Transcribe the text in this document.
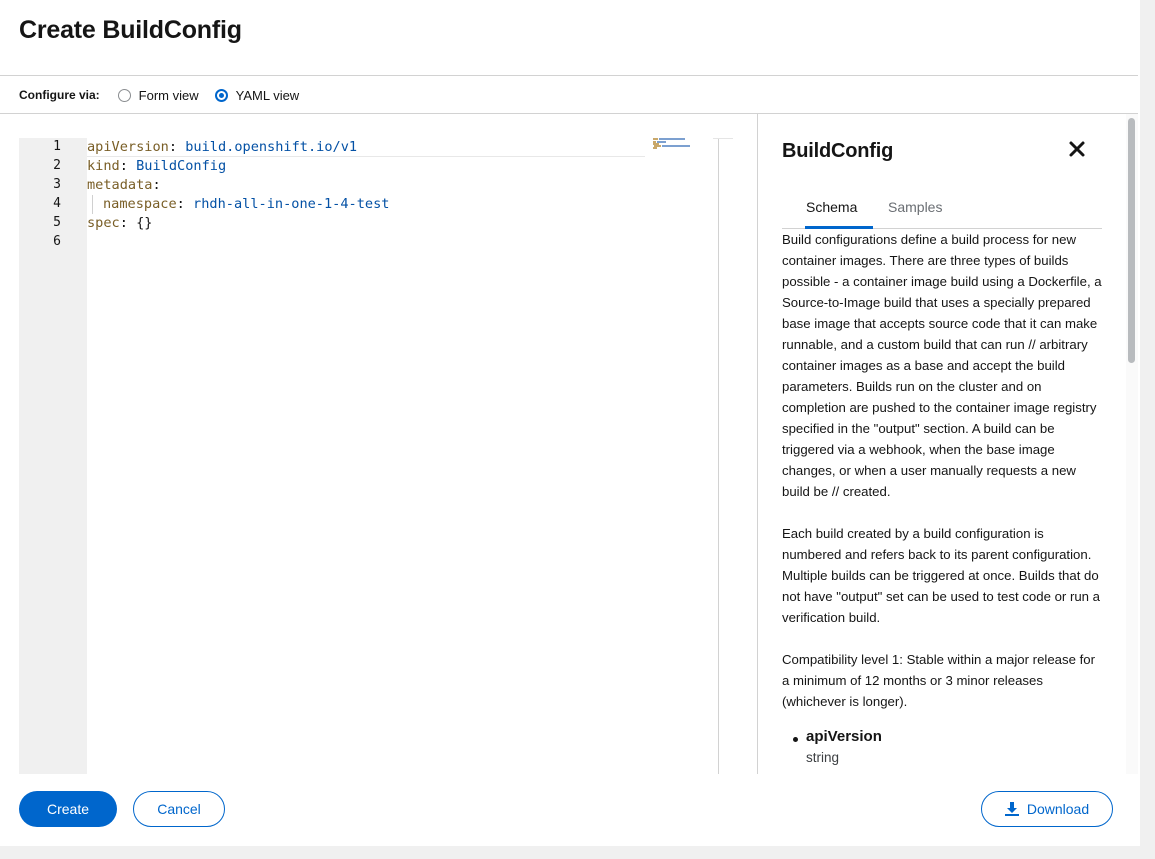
Create BuildConfig
Configure via:	Form view	YAML view
1
2
3
4
5
6
apiVersion: build.openshift.io/v1
kind: BuildConfig
metadata:
namespace: rhdh-all-in-one-1-4-test
spec: {}
BuildConfig
Schema Samples

Build configurations define a build process for new container images. There are three types of builds possible - a container image build using a Dockerfile, a Source-to-Image build that uses a specially prepared base image that accepts source code that it can make runnable, and a custom build that can run // arbitrary container images as a base and accept the build parameters. Builds run on the cluster and on completion are pushed to the container image registry specified in the "output" section. A build can be triggered via a webhook, when the base image changes, or when a user manually requests a new build be // created.

Each build created by a build configuration is numbered and refers back to its parent configuration. Multiple builds can be triggered at once. Builds that do not have "output" set can be used to test code or run a verification build.

Compatibility level 1: Stable within a major release for a minimum of 12 months or 3 minor releases (whichever is longer).

apiVersion
string
Create	Cancel	Download
